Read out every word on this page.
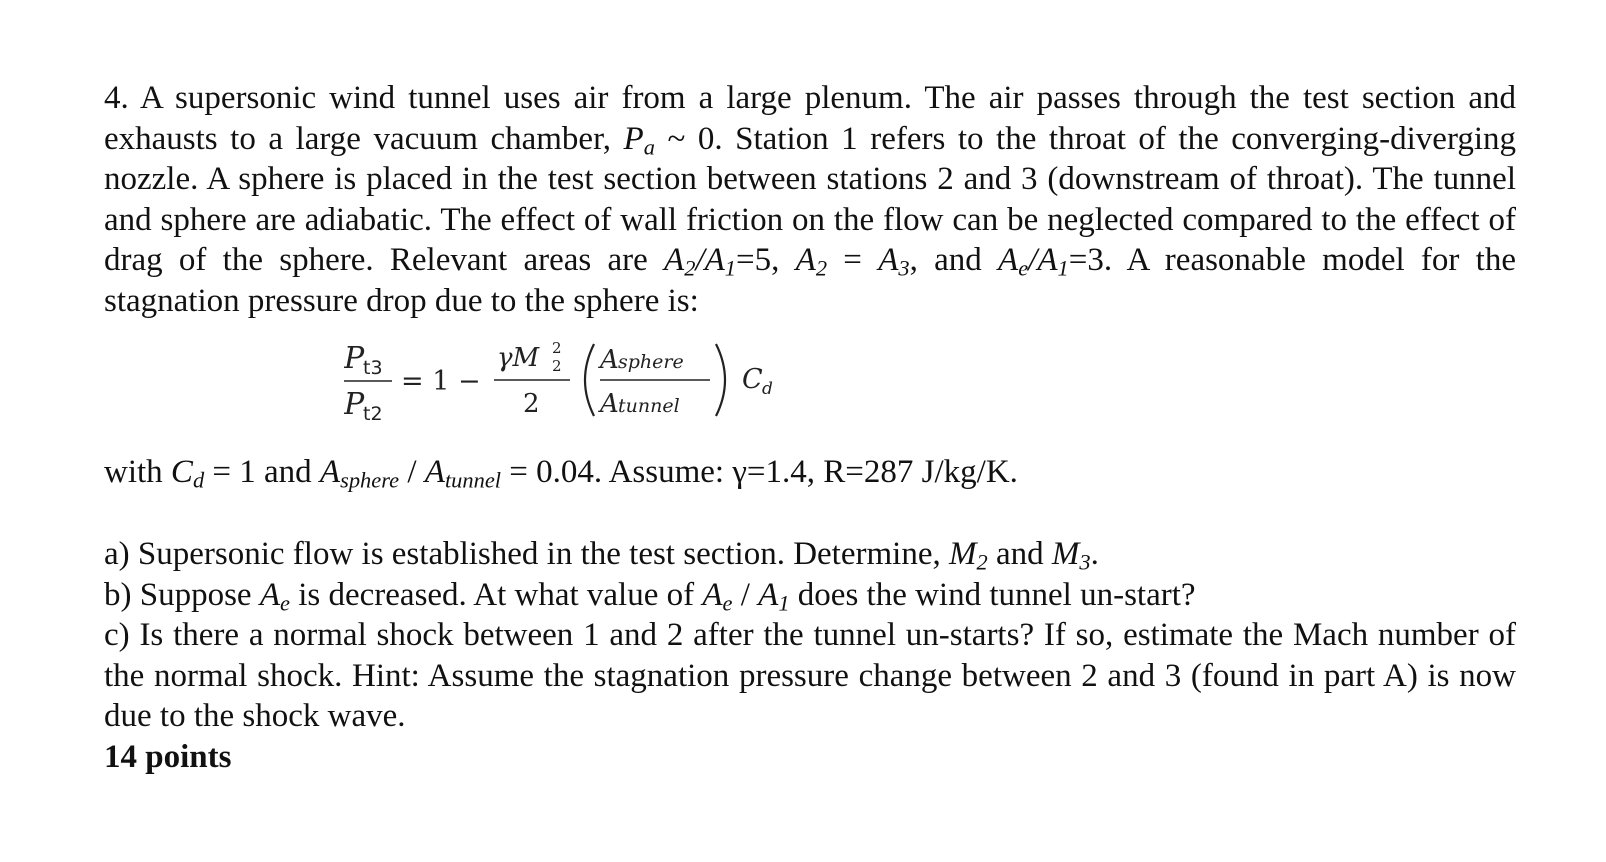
4. A supersonic wind tunnel uses air from a large plenum. The air passes through the test section and exhausts to a large vacuum chamber, $P_a$ ~ 0. Station 1 refers to the throat of the converging-diverging nozzle. A sphere is placed in the test section between stations 2 and 3 (downstream of throat). The tunnel and sphere are adiabatic. The effect of wall friction on the flow can be neglected compared to the effect of drag of the sphere. Relevant areas are $A_2/A_1=5$, $A_2 = A_3$, and $A_e/A_1=3$. A reasonable model for the stagnation pressure drop due to the sphere is:

P
t3
P
t2
= 1 −
γM 2
2
2
A sphere
A tunnel
C d
with $C_d = 1$ and $A_{sphere} / A_{tunnel} = 0.04$. Assume: γ=1.4, R=287 J/kg/K.

a) Supersonic flow is established in the test section. Determine, $M_2$ and $M_3$.

b) Suppose $A_e$ is decreased. At what value of $A_e / A_1$ does the wind tunnel un-start?

c) Is there a normal shock between 1 and 2 after the tunnel un-starts? If so, estimate the Mach number of the normal shock. Hint: Assume the stagnation pressure change between 2 and 3 (found in part A) is now due to the shock wave.

14 points
